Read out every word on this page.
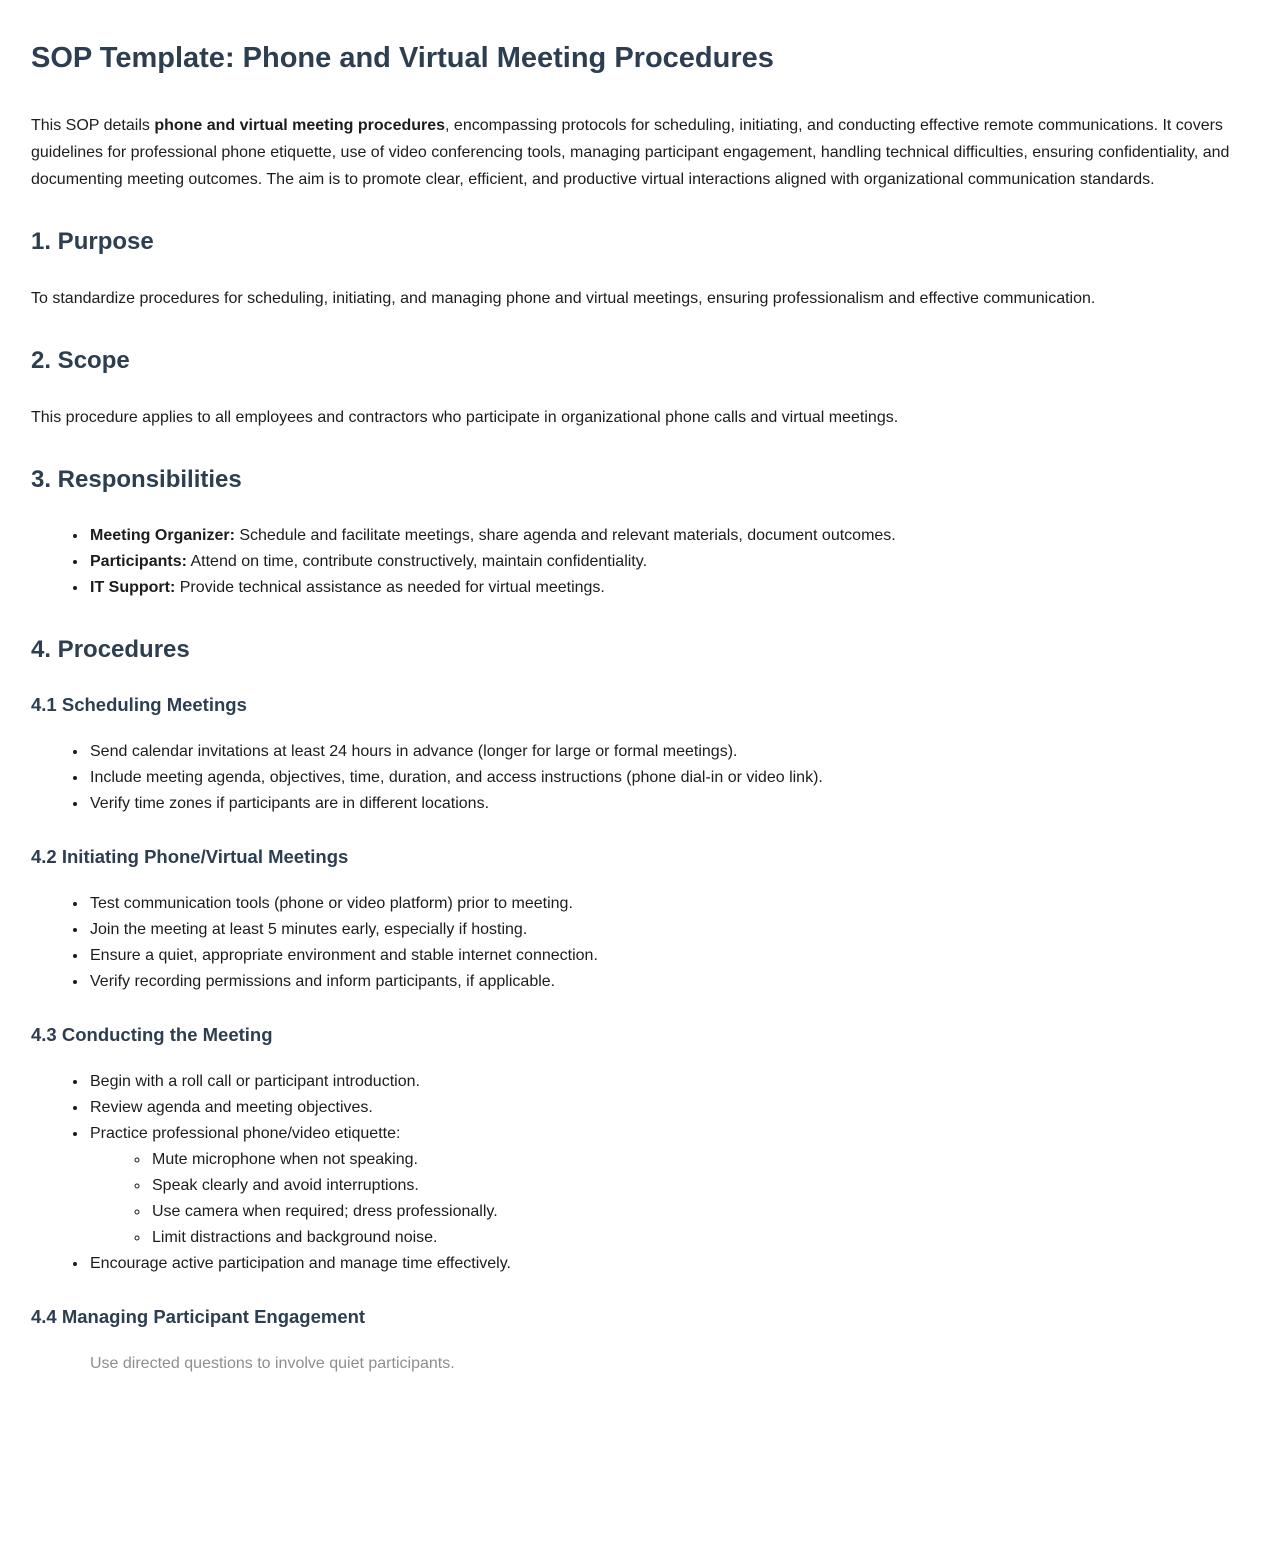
SOP Template: Phone and Virtual Meeting Procedures

This SOP details phone and virtual meeting procedures, encompassing protocols for scheduling, initiating, and conducting effective remote communications. It covers guidelines for professional phone etiquette, use of video conferencing tools, managing participant engagement, handling technical difficulties, ensuring confidentiality, and documenting meeting outcomes. The aim is to promote clear, efficient, and productive virtual interactions aligned with organizational communication standards.

1. Purpose

To standardize procedures for scheduling, initiating, and managing phone and virtual meetings, ensuring professionalism and effective communication.

2. Scope

This procedure applies to all employees and contractors who participate in organizational phone calls and virtual meetings.

3. Responsibilities
• Meeting Organizer: Schedule and facilitate meetings, share agenda and relevant materials, document outcomes.
• Participants: Attend on time, contribute constructively, maintain confidentiality.
• IT Support: Provide technical assistance as needed for virtual meetings.
4. Procedures
4.1 Scheduling Meetings
• Send calendar invitations at least 24 hours in advance (longer for large or formal meetings).
• Include meeting agenda, objectives, time, duration, and access instructions (phone dial-in or video link).
• Verify time zones if participants are in different locations.
4.2 Initiating Phone/Virtual Meetings
• Test communication tools (phone or video platform) prior to meeting.
• Join the meeting at least 5 minutes early, especially if hosting.
• Ensure a quiet, appropriate environment and stable internet connection.
• Verify recording permissions and inform participants, if applicable.
4.3 Conducting the Meeting
• Begin with a roll call or participant introduction.
• Review agenda and meeting objectives.
• Practice professional phone/video etiquette:
◦ Mute microphone when not speaking.
◦ Speak clearly and avoid interruptions.
◦ Use camera when required; dress professionally.
◦ Limit distractions and background noise.
• Encourage active participation and manage time effectively.
4.4 Managing Participant Engagement
Use directed questions to involve quiet participants.
